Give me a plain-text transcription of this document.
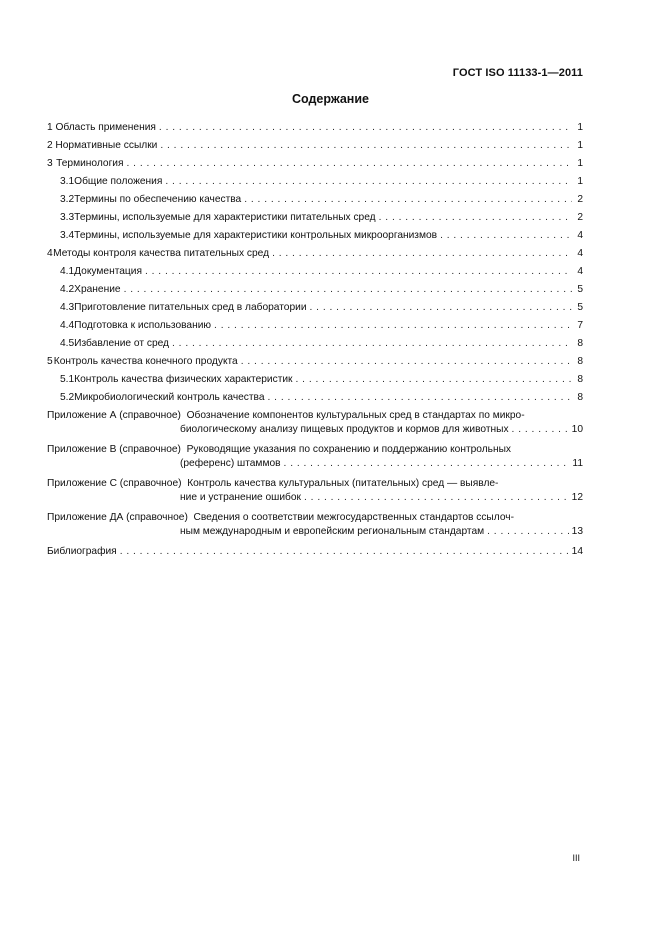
ГОСТ ISO 11133-1—2011
Содержание
1 Область применения . . .	1
2 Нормативные ссылки . . .	1
3 Терминология . . .	1
3.1 Общие положения . . .	1
3.2 Термины по обеспечению качества . . .	2
3.3 Термины, используемые для характеристики питательных сред . . .	2
3.4 Термины, используемые для характеристики контрольных микроорганизмов . . .	4
4 Методы контроля качества питательных сред . . .	4
4.1 Документация . . .	4
4.2 Хранение . . .	5
4.3 Приготовление питательных сред в лаборатории . . .	5
4.4 Подготовка к использованию . . .	7
4.5 Избавление от сред . . .	8
5 Контроль качества конечного продукта . . .	8
5.1 Контроль качества физических характеристик . . .	8
5.2 Микробиологический контроль качества . . .	8
Приложение А (справочное) Обозначение компонентов культуральных сред в стандартах по микро-
биологическому анализу пищевых продуктов и кормов для животных . . .	10
Приложение В (справочное) Руководящие указания по сохранению и поддержанию контрольных
(референс) штаммов . . .	11
Приложение С (справочное) Контроль качества культуральных (питательных) сред — выявле-
ние и устранение ошибок . . .	12
Приложение ДА (справочное) Сведения о соответствии межгосударственных стандартов ссылоч-
ным международным и европейским региональным стандартам . . .	13
Библиография . . .	14
III
